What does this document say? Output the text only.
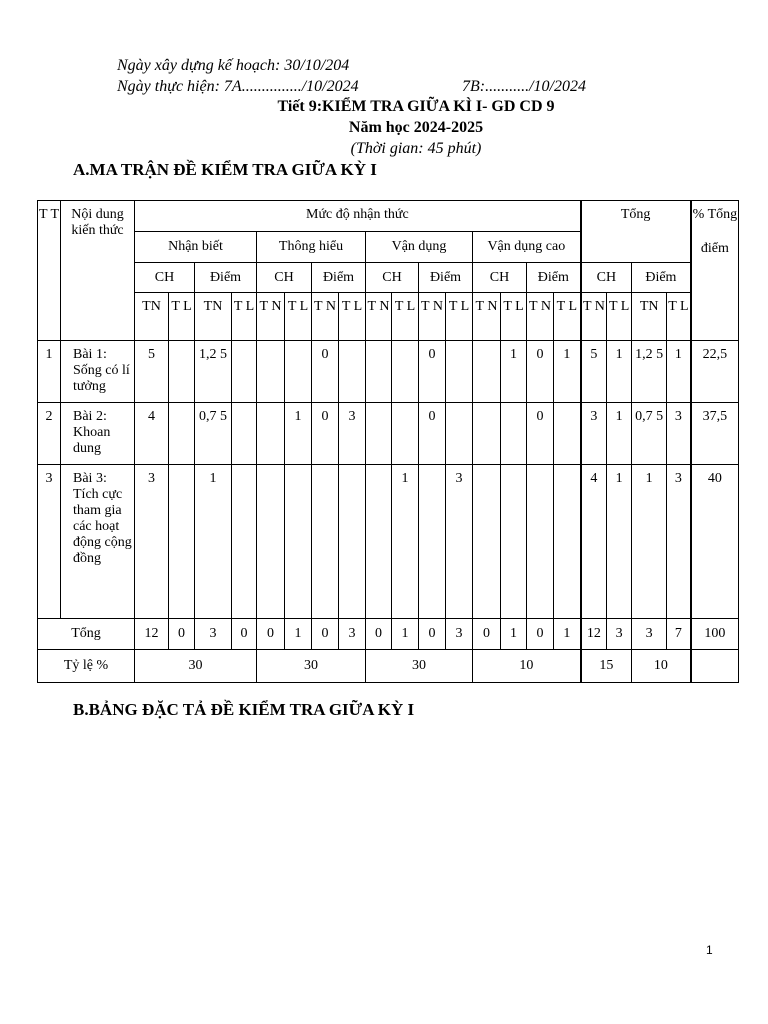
Ngày xây dựng kế hoạch: 30/10/204
Ngày thực hiện: 7A.............../10/2024	7B:.........../10/2024
Tiết 9:KIỂM TRA GIỮA KÌ I- GD CD 9
Năm học 2024-2025
(Thời gian: 45 phút)
A.MA TRẬN ĐỀ KIỂM TRA GIỮA KỲ I
T T	Nội dung kiến thức	Mức độ nhận thức																Tổng				% Tổng
điểm

		Nhận biết				Thông hiểu				Vận dụng				Vận dụng cao								
		CH		Điểm		CH		Điểm		CH		Điểm		CH		Điểm		CH		Điểm		
		TN	T L	TN	T L	T N	T L	T N	T L	T N	T L	T N	T L	T N	T L	T N	T L	T N	T L	TN	T L	
1	Bài 1: Sống có lí tưởng	5		1,2 5				0				0			1	0	1	5	1	1,2 5	1	22,5
2	Bài 2: Khoan dung	4		0,7 5			1	0	3			0				0		3	1	0,7 5	3	37,5
3	Bài 3: Tích cực tham gia các hoạt động cộng đồng	3		1							1		3					4	1	1	3	40
Tổng		12	0	3	0	0	1	0	3	0	1	0	3	0	1	0	1	12	3	3	7	100
Tỷ lệ %		30				30				30				10				15		10		
B.BẢNG ĐẶC TẢ ĐỀ KIỂM TRA GIỮA KỲ I
1
